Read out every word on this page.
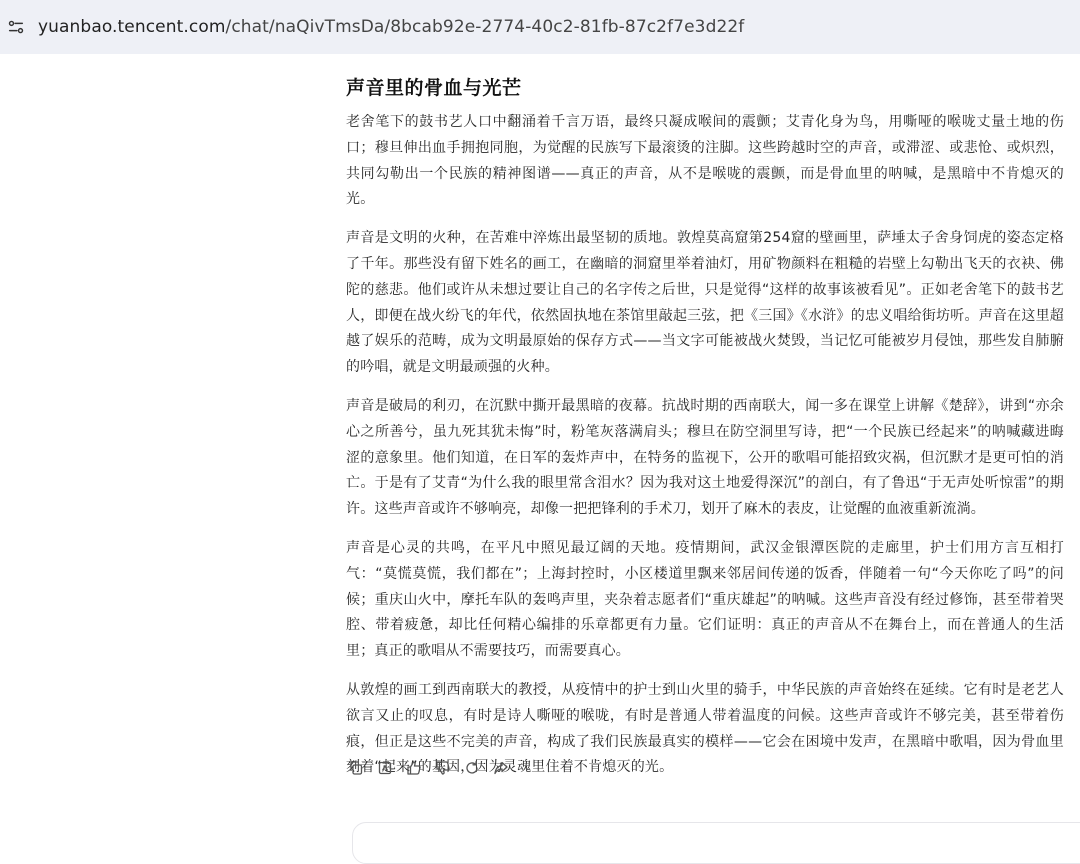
yuanbao.tencent.com/chat/naQivTmsDa/8bcab92e-2774-40c2-81fb-87c2f7e3d22f
声音里的骨血与光芒

老舍笔下的鼓书艺人口中翻涌着千言万语，最终只凝成喉间的震颤；艾青化身为鸟，用嘶哑的喉咙丈量土地的伤口；穆旦伸出血手拥抱同胞，为觉醒的民族写下最滚烫的注脚。这些跨越时空的声音，或滞涩、或悲怆、或炽烈，共同勾勒出一个民族的精神图谱——真正的声音，从不是喉咙的震颤，而是骨血里的呐喊，是黑暗中不肯熄灭的光。

声音是文明的火种，在苦难中淬炼出最坚韧的质地。敦煌莫高窟第254窟的壁画里，萨埵太子舍身饲虎的姿态定格了千年。那些没有留下姓名的画工，在幽暗的洞窟里举着油灯，用矿物颜料在粗糙的岩壁上勾勒出飞天的衣袂、佛陀的慈悲。他们或许从未想过要让自己的名字传之后世，只是觉得“这样的故事该被看见”。正如老舍笔下的鼓书艺人，即便在战火纷飞的年代，依然固执地在茶馆里敲起三弦，把《三国》《水浒》的忠义唱给街坊听。声音在这里超越了娱乐的范畴，成为文明最原始的保存方式——当文字可能被战火焚毁，当记忆可能被岁月侵蚀，那些发自肺腑的吟唱，就是文明最顽强的火种。

声音是破局的利刃，在沉默中撕开最黑暗的夜幕。抗战时期的西南联大，闻一多在课堂上讲解《楚辞》，讲到“亦余心之所善兮，虽九死其犹未悔”时，粉笔灰落满肩头；穆旦在防空洞里写诗，把“一个民族已经起来”的呐喊藏进晦涩的意象里。他们知道，在日军的轰炸声中，在特务的监视下，公开的歌唱可能招致灾祸，但沉默才是更可怕的消亡。于是有了艾青“为什么我的眼里常含泪水？因为我对这土地爱得深沉”的剖白，有了鲁迅“于无声处听惊雷”的期许。这些声音或许不够响亮，却像一把把锋利的手术刀，划开了麻木的表皮，让觉醒的血液重新流淌。

声音是心灵的共鸣，在平凡中照见最辽阔的天地。疫情期间，武汉金银潭医院的走廊里，护士们用方言互相打气：“莫慌莫慌，我们都在”；上海封控时，小区楼道里飘来邻居间传递的饭香，伴随着一句“今天你吃了吗”的问候；重庆山火中，摩托车队的轰鸣声里，夹杂着志愿者们“重庆雄起”的呐喊。这些声音没有经过修饰，甚至带着哭腔、带着疲惫，却比任何精心编排的乐章都更有力量。它们证明：真正的声音从不在舞台上，而在普通人的生活里；真正的歌唱从不需要技巧，而需要真心。

从敦煌的画工到西南联大的教授，从疫情中的护士到山火里的骑手，中华民族的声音始终在延续。它有时是老艺人欲言又止的叹息，有时是诗人嘶哑的喉咙，有时是普通人带着温度的问候。这些声音或许不够完美，甚至带着伤痕，但正是这些不完美的声音，构成了我们民族最真实的模样——它会在困境中发声，在黑暗中歌唱，因为骨血里刻着“起来”的基因，因为灵魂里住着不肯熄灭的光。
